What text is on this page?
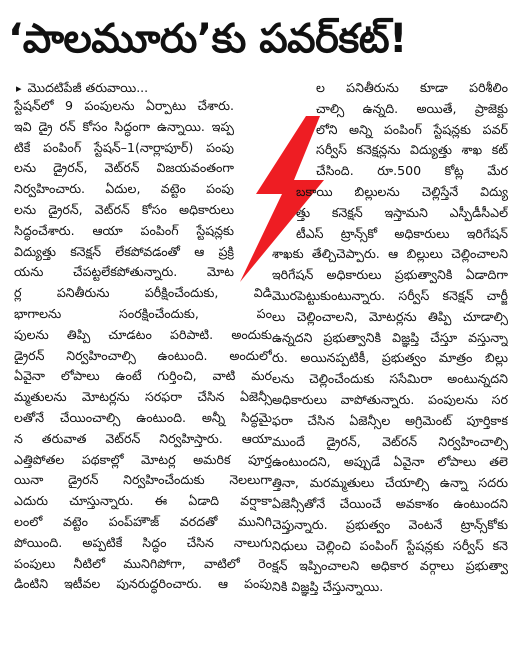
‘పాలమూరు’కు పవర్‌కట్‌!
▸ మొదటిపేజీ తరువాయి...
స్టేషన్‌లో 9 పంపులను ఏర్పాటు చేశారు.
ఇవి డ్రై రన్‌ కోసం సిద్ధంగా ఉన్నాయి. ఇప్ప
టికే పంపింగ్‌ స్టేషన్‌–1(నార్లాపూర్‌) పంపు
లను డ్రైరన్‌, వెట్‌రన్‌ విజయవంతంగా
నిర్వహించారు. ఏదుల, వట్టెం పంపు
లను డ్రైరన్‌, వెట్‌రన్‌ కోసం అధికారులు
సిద్ధంచేశారు. ఆయా పంపింగ్‌ స్టేషన్లకు
విద్యుత్తు కనెక్షన్‌ లేకపోవడంతో ఆ ప్రక్రి
యను చేపట్టలేకపోతున్నారు. మోట
ర్ల పనితీరును పరీక్షించేందుకు, విడి
భాగాలను సంరక్షించేందుకు, పం
పులను తిప్పి చూడటం పరిపాటి. అందుకు
డ్రైరన్‌ నిర్వహించాల్సి ఉంటుంది. అందులో
ఏవైనా లోపాలు ఉంటే గుర్తించి, వాటి మర
మ్మతులను మోటర్లను సరఫరా చేసిన ఏజెన్సీ
లతోనే చేయించాల్సి ఉంటుంది. అన్నీ సిద్ధమై
న తరువాత వెట్‌రన్‌ నిర్వహిస్తారు. ఆయా
ఎత్తిపోతల పథకాల్లో మోటర్ల అమరిక పూర్త
యినా డ్రైరన్‌ నిర్వహించేందుకు నెలలుగా
ఎదురు చూస్తున్నారు. ఈ ఏడాది వర్షాకా
లంలో వట్టెం పంప్‌హౌజ్‌ వరదతో మునిగి
పోయింది. అప్పటికే సిద్ధం చేసిన నాలుగు
పంపులు నీటిలో మునిగిపోగా, వాటిలో రెం
డింటిని ఇటీవల పునరుద్ధరించారు. ఆ పంపు
ల పనితీరును కూడా పరిశీలిం
చాల్సి ఉన్నది. అయితే, ప్రాజెక్టు
లోని అన్ని పంపింగ్‌ స్టేషన్లకు పవర్‌
సర్వీస్‌ కనెక్షన్లను విద్యుత్తు శాఖ కట్‌
చేసింది. రూ.500 కోట్ల మేర
బకాయి బిల్లులను చెల్లిస్తేనే విద్యు
త్తు కనెక్షన్‌ ఇస్తామని ఎస్పీడీసీఎల్‌
టీఎస్‌ ట్రాన్స్‌కో అధికారులు ఇరిగేషన్‌
శాఖకు తేల్చిచెప్పారు. ఆ బిల్లులు చెల్లించాలని
ఇరిగేషన్‌ అధికారులు ప్రభుత్వానికి ఏడాదిగా
మొరపెట్టుకుంటున్నారు. సర్వీస్‌ కనెక్షన్‌ చార్జీ
లు చెల్లించాలని, మోటర్లను తిప్పి చూడాల్సి
ఉన్నదని ప్రభుత్వానికి విజ్ఞప్తి చేస్తూ వస్తున్నా
రు. అయినప్పటికీ, ప్రభుత్వం మాత్రం బిల్లు
లను చెల్లించేందుకు ససేమిరా అంటున్నదని
అధికారులు వాపోతున్నారు. పంపులను సర
ఫరా చేసిన ఏజెన్సీల అగ్రిమెంట్‌ పూర్తికాక
ముందే డ్రైరన్‌, వెట్‌రన్‌ నిర్వహించాల్సి
ఉంటుందని, అప్పుడే ఏవైనా లోపాలు తలె
త్తినా, మరమ్మతులు చేయాల్సి ఉన్నా సదరు
ఏజెన్సీతోనే చేయించే అవకాశం ఉంటుందని
చెప్తున్నారు. ప్రభుత్వం వెంటనే ట్రాన్స్‌కోకు
నిధులు చెల్లించి పంపింగ్‌ స్టేషన్లకు సర్వీస్‌ కనె
క్షన్‌ ఇప్పించాలని అధికార వర్గాలు ప్రభుత్వా
నికి విజ్ఞప్తి చేస్తున్నాయి.
